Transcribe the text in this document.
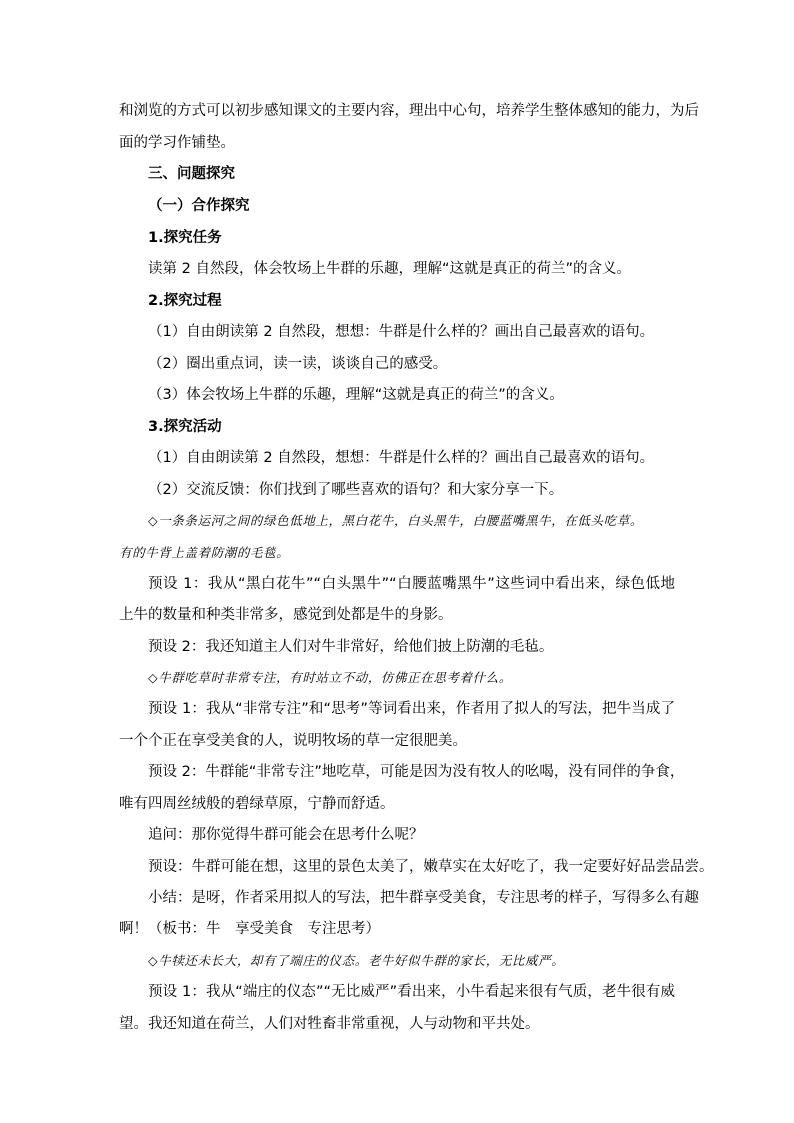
和浏览的方式可以初步感知课文的主要内容，理出中心句，培养学生整体感知的能力，为后
面的学习作铺垫。
三、问题探究
（一）合作探究
1.探究任务
读第 2 自然段，体会牧场上牛群的乐趣，理解“这就是真正的荷兰”的含义。
2.探究过程
（1）自由朗读第 2 自然段，想想：牛群是什么样的？画出自己最喜欢的语句。
（2）圈出重点词，读一读，谈谈自己的感受。
（3）体会牧场上牛群的乐趣，理解“这就是真正的荷兰”的含义。
3.探究活动
（1）自由朗读第 2 自然段，想想：牛群是什么样的？画出自己最喜欢的语句。
（2）交流反馈：你们找到了哪些喜欢的语句？和大家分享一下。
◇一条条运河之间的绿色低地上，黑白花牛，白头黑牛，白腰蓝嘴黑牛，在低头吃草。
有的牛背上盖着防潮的毛毯。
预设 1：我从“黑白花牛”“白头黑牛”“白腰蓝嘴黑牛”这些词中看出来，绿色低地
上牛的数量和种类非常多，感觉到处都是牛的身影。
预设 2：我还知道主人们对牛非常好，给他们披上防潮的毛毡。
◇牛群吃草时非常专注，有时站立不动，仿佛正在思考着什么。
预设 1：我从“非常专注”和“思考”等词看出来，作者用了拟人的写法，把牛当成了
一个个正在享受美食的人，说明牧场的草一定很肥美。
预设 2：牛群能“非常专注”地吃草，可能是因为没有牧人的吆喝，没有同伴的争食，
唯有四周丝绒般的碧绿草原，宁静而舒适。
追问：那你觉得牛群可能会在思考什么呢？
预设：牛群可能在想，这里的景色太美了，嫩草实在太好吃了，我一定要好好品尝品尝。
小结：是呀，作者采用拟人的写法，把牛群享受美食，专注思考的样子，写得多么有趣
啊！（板书：牛　享受美食　专注思考）
◇牛犊还未长大，却有了端庄的仪态。老牛好似牛群的家长，无比威严。
预设 1：我从“端庄的仪态”“无比威严”看出来，小牛看起来很有气质，老牛很有威
望。我还知道在荷兰，人们对牲畜非常重视，人与动物和平共处。
